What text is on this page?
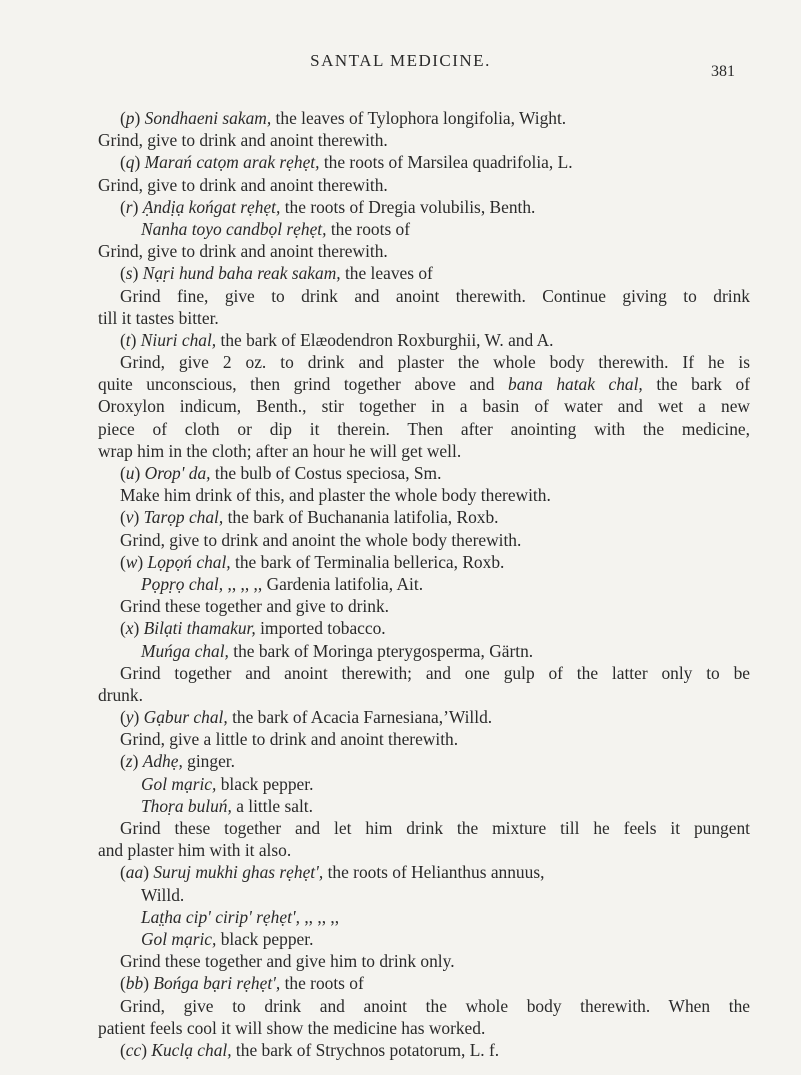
SANTAL MEDICINE.
381
(p) Sondhaeni sakam, the leaves of Tylophora longifolia, Wight.
Grind, give to drink and anoint therewith.
(q) Marań catọm arak rẹhẹt, the roots of Marsilea quadrifolia, L.
Grind, give to drink and anoint therewith.
(r) Ạndịạ końgat rẹhẹt, the roots of Dregia volubilis, Benth.
Nanha toyo candbọl rẹhẹt, the roots of
Grind, give to drink and anoint therewith.
(s) Nạṛi hund baha reak sakam, the leaves of
Grind fine, give to drink and anoint therewith. Continue giving to drink
till it tastes bitter.
(t) Niuri chal, the bark of Elæodendron Roxburghii, W. and A.
Grind, give 2 oz. to drink and plaster the whole body therewith. If he is
quite unconscious, then grind together above and bana hatak chal, the bark of
Oroxylon indicum, Benth., stir together in a basin of water and wet a new
piece of cloth or dip it therein. Then after anointing with the medicine,
wrap him in the cloth; after an hour he will get well.
(u) Orop' da, the bulb of Costus speciosa, Sm.
Make him drink of this, and plaster the whole body therewith.
(v) Tarọp chal, the bark of Buchanania latifolia, Roxb.
Grind, give to drink and anoint the whole body therewith.
(w) Lọpọń chal, the bark of Terminalia bellerica, Roxb.
Pọpṛọ chal, ,, ,, ,, Gardenia latifolia, Ait.
Grind these together and give to drink.
(x) Bilạti thamakur, imported tobacco.
Muńga chal, the bark of Moringa pterygosperma, Gärtn.
Grind together and anoint therewith; and one gulp of the latter only to be
drunk.
(y) Gạbur chal, the bark of Acacia Farnesiana,’Willd.
Grind, give a little to drink and anoint therewith.
(z) Adhẹ, ginger.
Gol mạric, black pepper.
Thoṛa buluń, a little salt.
Grind these together and let him drink the mixture till he feels it pungent
and plaster him with it also.
(aa) Suruj mukhi ghas rẹhẹt', the roots of Helianthus annuus,
Willd.
Lat̤ha cip' cirip' rẹhẹt', ,, ,, ,,
Gol mạric, black pepper.
Grind these together and give him to drink only.
(bb) Bońga bạri rẹhẹt', the roots of
Grind, give to drink and anoint the whole body therewith. When the
patient feels cool it will show the medicine has worked.
(cc) Kuclạ chal, the bark of Strychnos potatorum, L. f.
